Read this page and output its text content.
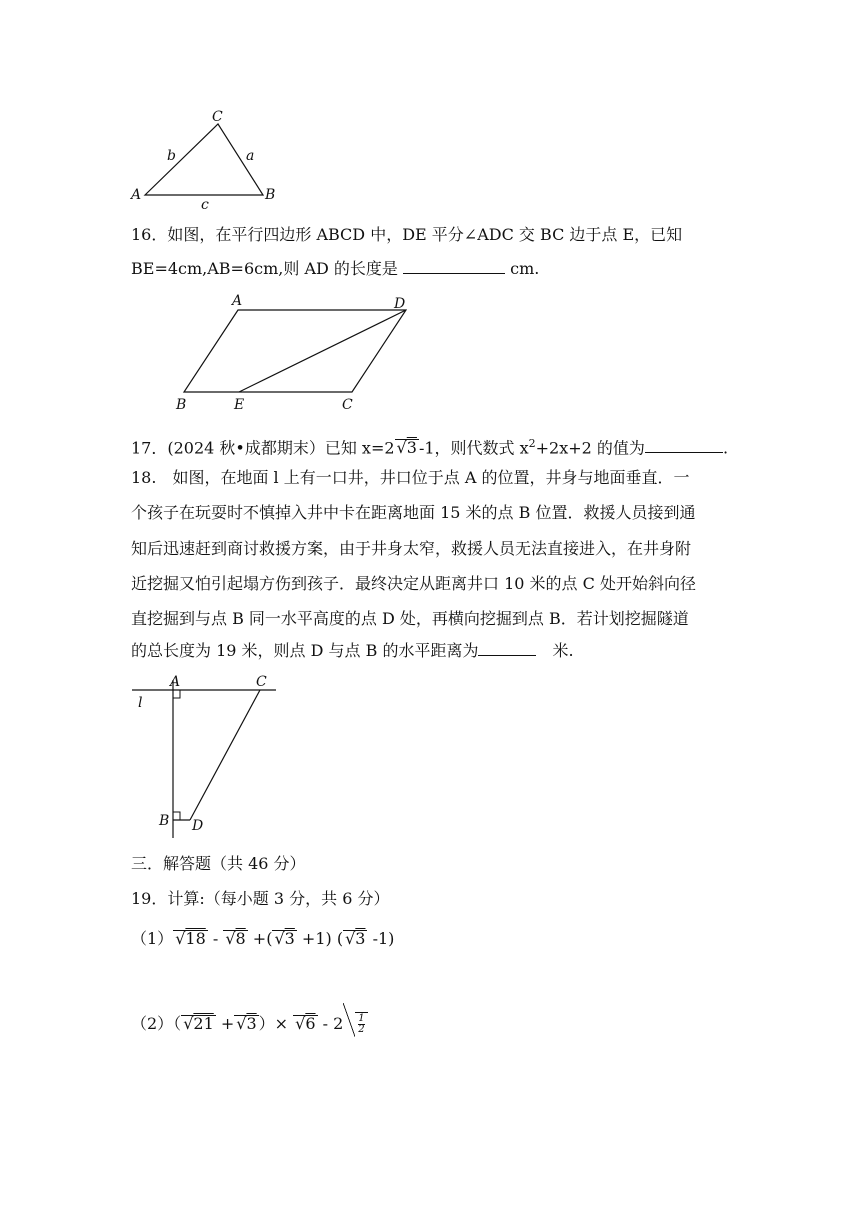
C
b	a
A	B
c
16．如图，在平行四边形 ABCD 中，DE 平分∠ADC 交 BC 边于点 E，已知
BE=4cm,AB=6cm,则 AD 的长度是	cm.
A	D
B	E	C
17．(2024 秋•成都期末）已知 x=2 √3 -1，则代数式 $x^2+2x+2$ 的值为	.
18.　如图，在地面 l 上有一口井，井口位于点 A 的位置，井身与地面垂直．一
个孩子在玩耍时不慎掉入井中卡在距离地面 15 米的点 B 位置．救援人员接到通
知后迅速赶到商讨救援方案，由于井身太窄，救援人员无法直接进入，在井身附
近挖掘又怕引起塌方伤到孩子．最终决定从距离井口 10 米的点 C 处开始斜向径
直挖掘到与点 B 同一水平高度的点 D 处，再横向挖掘到点 B．若计划挖掘隧道
的总长度为 19 米，则点 D 与点 B 的水平距离为	　米.
A	C
l
B D
三．解答题（共 46 分）
19．计算:（每小题 3 分，共 6 分）
（1） √18 - √8 +( √3 +1) ( √3 -1)
（2）（ √21 + √3 ）× $√6 - 2 \frac{1}{2}$
